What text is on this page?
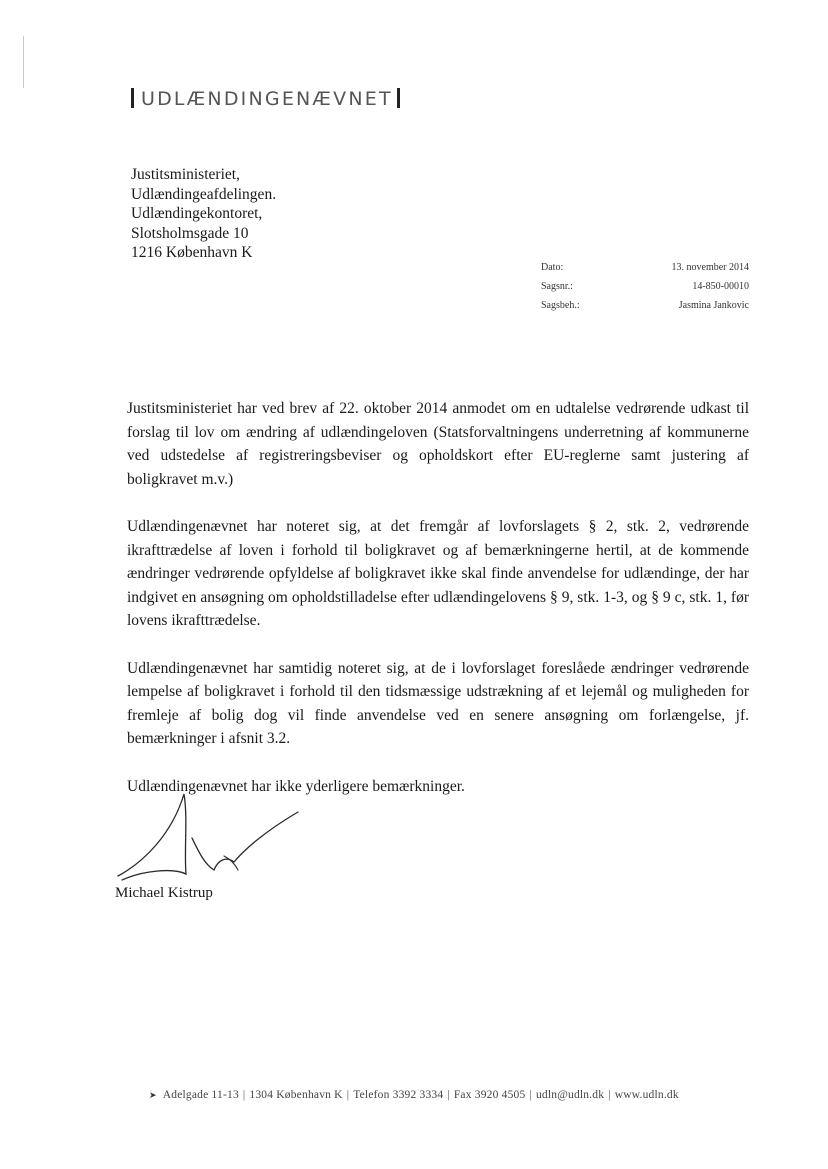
UDLÆNDINGENÆVNET
Justitsministeriet,
Udlændingeafdelingen.
Udlændingekontoret,
Slotsholmsgade 10
1216 København K
Dato:	13. november 2014
Sagsnr.:	14-850-00010
Sagsbeh.:	Jasmina Jankovic

Justitsministeriet har ved brev af 22. oktober 2014 anmodet om en udtalelse vedrørende udkast til forslag til lov om ændring af udlændingeloven (Statsforvaltningens underretning af kommunerne ved udstedelse af registreringsbeviser og opholdskort efter EU-reglerne samt justering af boligkravet m.v.)

Udlændingenævnet har noteret sig, at det fremgår af lovforslagets § 2, stk. 2, vedrørende ikrafttrædelse af loven i forhold til boligkravet og af bemærkningerne hertil, at de kommende ændringer vedrørende opfyldelse af boligkravet ikke skal finde anvendelse for udlændinge, der har indgivet en ansøgning om opholdstilladelse efter udlændingelovens § 9, stk. 1-3, og § 9 c, stk. 1, før lovens ikrafttrædelse.

Udlændingenævnet har samtidig noteret sig, at de i lovforslaget foreslåede ændringer vedrørende lempelse af boligkravet i forhold til den tidsmæssige udstrækning af et lejemål og muligheden for fremleje af bolig dog vil finde anvendelse ved en senere ansøgning om forlængelse, jf. bemærkninger i afsnit 3.2.

Udlændingenævnet har ikke yderligere bemærkninger.

Michael Kistrup
➤ Adelgade 11-13 | 1304 København K | Telefon 3392 3334 | Fax 3920 4505 | udln@udln.dk | www.udln.dk
